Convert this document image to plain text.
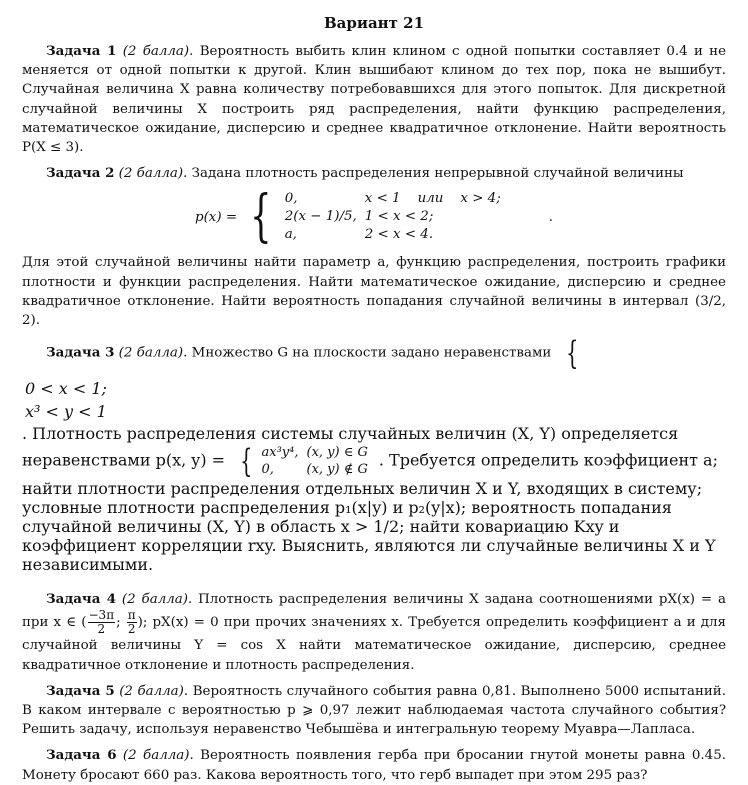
Вариант 21

Задача 1 (2 балла). Вероятность выбить клин клином с одной попытки составляет 0.4 и не меняется от одной попытки к другой. Клин вышибают клином до тех пор, пока не вышибут. Случайная величина X равна количеству потребовавшихся для этого попыток. Для дискретной случайной величины X построить ряд распределения, найти функцию распределения, математическое ожидание, дисперсию и среднее квадратичное отклонение. Найти вероятность P(X ≤ 3).

Задача 2 (2 балла). Задана плотность распределения непрерывной случайной величины

p(x) = { 0,	x < 1    или    x > 4;
2(x − 1)/5,	1 < x < 2;
a,	2 < x < 4.
.

Для этой случайной величины найти параметр a, функцию распределения, построить графики плотности и функции распределения. Найти математическое ожидание, дисперсию и среднее квадратичное отклонение. Найти вероятность попадания случайной величины в интервал (3/2, 2).

Задача 3 (2 балла). Множество G на плоскости задано неравенствами {

0 < x < 1;
x³ < y < 1
. Плотность распределения системы случайных величин (X, Y) определяется неравенствами p(x, y) = { ax³y⁴,	(x, y) ∈ G
0,	(x, y) ∉ G . Требуется определить коэффициент a; найти плотности распределения отдельных величин X и Y, входящих в систему; условные плотности распределения p₁(x|y) и p₂(y|x); вероятность попадания случайной величины (X, Y) в область x > 1/2; найти ковариацию Kxy и коэффициент корреляции rxy. Выяснить, являются ли случайные величины X и Y независимыми.

Задача 4 (2 балла). Плотность распределения величины X задана соотношениями pX(x) = a при x ∈ ( $\frac{-3\pi}{2}$ ; $\frac{\pi}{2}$ ); pX(x) = 0 при прочих значениях x. Требуется определить коэффициент a и для случайной величины Y = cos X найти математическое ожидание, дисперсию, среднее квадратичное отклонение и плотность распределения.

Задача 5 (2 балла). Вероятность случайного события равна 0,81. Выполнено 5000 испытаний. В каком интервале с вероятностью p ⩾ 0,97 лежит наблюдаемая частота случайного события? Решить задачу, используя неравенство Чебышёва и интегральную теорему Муавра—Лапласа.

Задача 6 (2 балла). Вероятность появления герба при бросании гнутой монеты равна 0.45. Монету бросают 660 раз. Какова вероятность того, что герб выпадет при этом 295 раз?
